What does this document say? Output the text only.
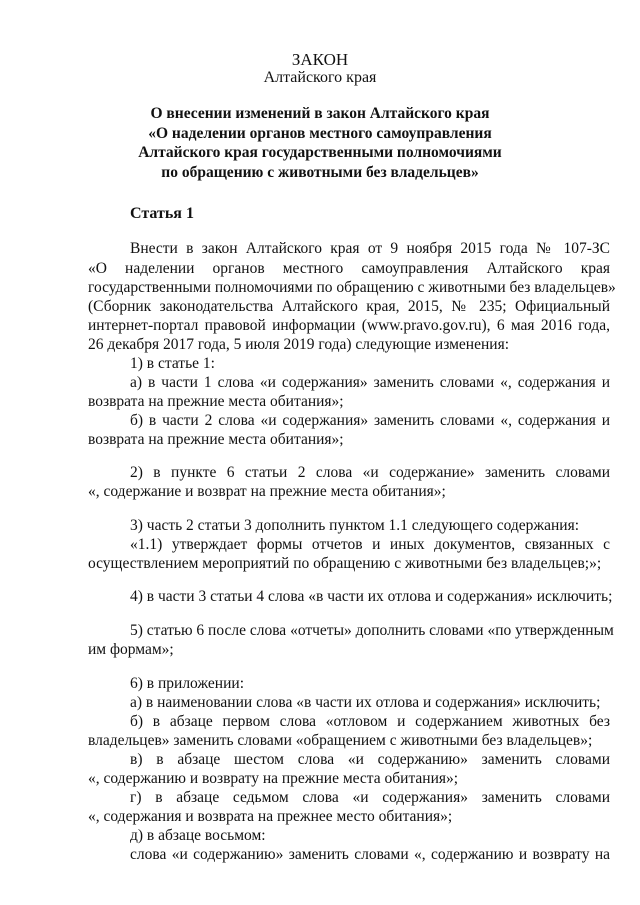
ЗАКОН
Алтайского края
О внесении изменений в закон Алтайского края
«О наделении органов местного самоуправления
Алтайского края государственными полномочиями
по обращению с животными без владельцев»
Статья 1
Внести в закон Алтайского края от 9 ноября 2015 года № 107-ЗС
«О наделении органов местного самоуправления Алтайского края
государственными полномочиями по обращению с животными без владельцев»
(Сборник законодательства Алтайского края, 2015, № 235; Официальный
интернет-портал правовой информации (www.pravo.gov.ru), 6 мая 2016 года,
26 декабря 2017 года, 5 июля 2019 года) следующие изменения:
1) в статье 1:
а) в части 1 слова «и содержания» заменить словами «, содержания и
возврата на прежние места обитания»;
б) в части 2 слова «и содержания» заменить словами «, содержания и
возврата на прежние места обитания»;
2) в пункте 6 статьи 2 слова «и содержание» заменить словами
«, содержание и возврат на прежние места обитания»;
3) часть 2 статьи 3 дополнить пунктом 1.1 следующего содержания:
«1.1) утверждает формы отчетов и иных документов, связанных с
осуществлением мероприятий по обращению с животными без владельцев;»;
4) в части 3 статьи 4 слова «в части их отлова и содержания» исключить;
5) статью 6 после слова «отчеты» дополнить словами «по утвержденным
им формам»;
6) в приложении:
а) в наименовании слова «в части их отлова и содержания» исключить;
б) в абзаце первом слова «отловом и содержанием животных без
владельцев» заменить словами «обращением с животными без владельцев»;
в) в абзаце шестом слова «и содержанию» заменить словами
«, содержанию и возврату на прежние места обитания»;
г) в абзаце седьмом слова «и содержания» заменить словами
«, содержания и возврата на прежнее место обитания»;
д) в абзаце восьмом:
слова «и содержанию» заменить словами «, содержанию и возврату на
